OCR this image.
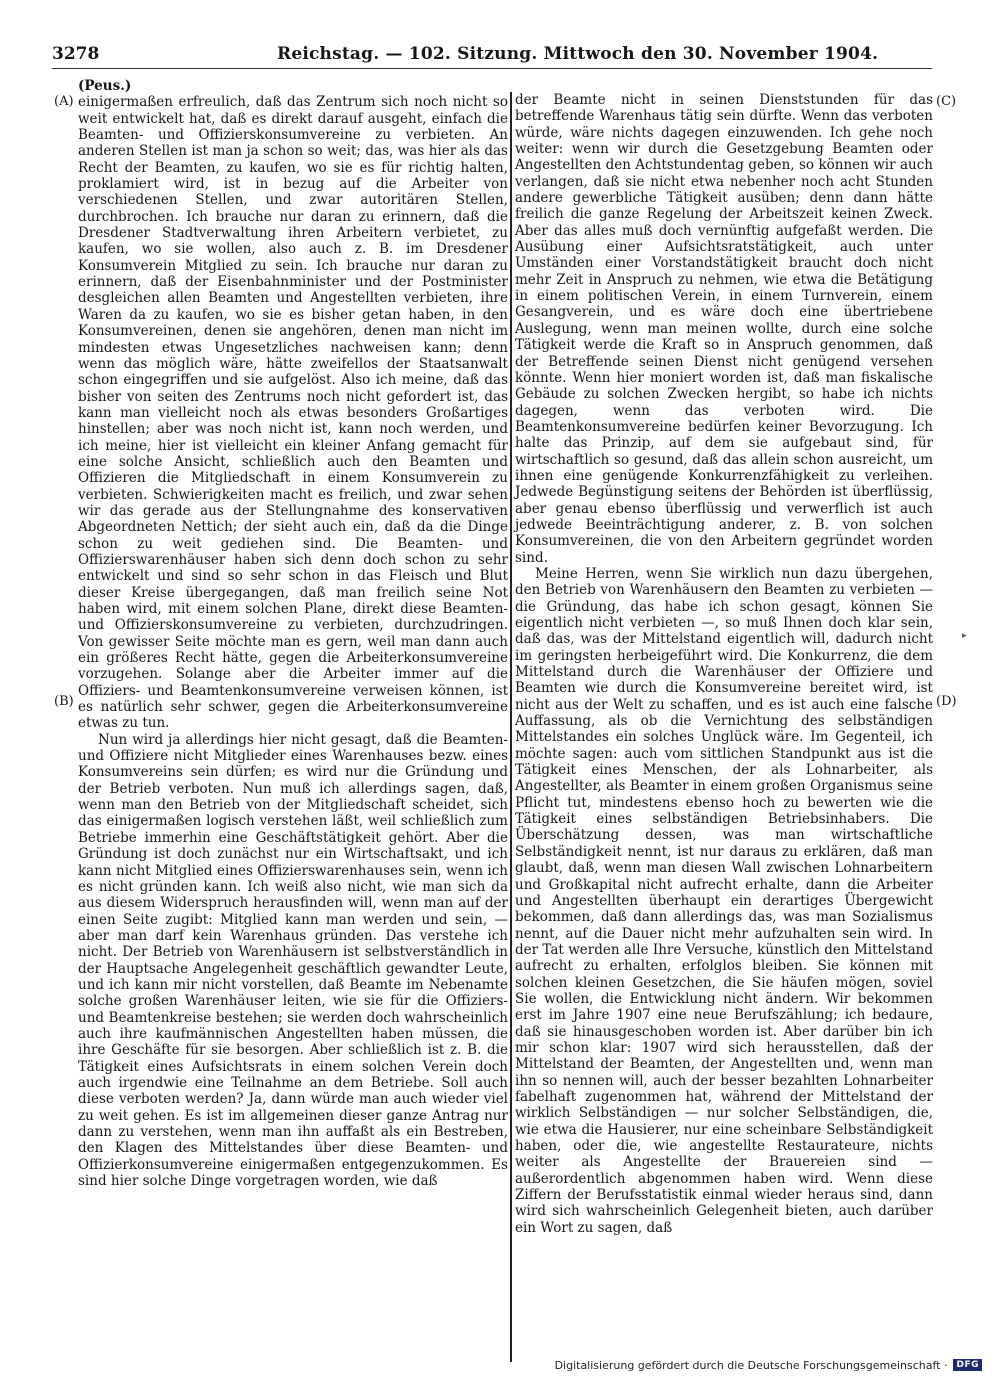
3278	Reichstag. — 102. Sitzung. Mittwoch den 30. November 1904.
(A)
(B)
(C)
(D)

(Peus.)

einigermaßen erfreulich, daß das Zentrum sich noch nicht so weit entwickelt hat, daß es direkt darauf ausgeht, einfach die Beamten- und Offizierskonsumvereine zu verbieten. An anderen Stellen ist man ja schon so weit; das, was hier als das Recht der Beamten, zu kaufen, wo sie es für richtig halten, proklamiert wird, ist in bezug auf die Arbeiter von verschiedenen Stellen, und zwar autoritären Stellen, durchbrochen. Ich brauche nur daran zu erinnern, daß die Dresdener Stadtverwaltung ihren Arbeitern verbietet, zu kaufen, wo sie wollen, also auch z. B. im Dresdener Konsumverein Mitglied zu sein. Ich brauche nur daran zu erinnern, daß der Eisenbahnminister und der Postminister desgleichen allen Beamten und Angestellten verbieten, ihre Waren da zu kaufen, wo sie es bisher getan haben, in den Konsumvereinen, denen sie angehören, denen man nicht im mindesten etwas Ungesetzliches nachweisen kann; denn wenn das möglich wäre, hätte zweifellos der Staatsanwalt schon eingegriffen und sie aufgelöst. Also ich meine, daß das bisher von seiten des Zentrums noch nicht gefordert ist, das kann man vielleicht noch als etwas besonders Großartiges hinstellen; aber was noch nicht ist, kann noch werden, und ich meine, hier ist vielleicht ein kleiner Anfang gemacht für eine solche Ansicht, schließlich auch den Beamten und Offizieren die Mitgliedschaft in einem Konsumverein zu verbieten. Schwierigkeiten macht es freilich, und zwar sehen wir das gerade aus der Stellungnahme des konservativen Abgeordneten Nettich; der sieht auch ein, daß da die Dinge schon zu weit gediehen sind. Die Beamten- und Offizierswarenhäuser haben sich denn doch schon zu sehr entwickelt und sind so sehr schon in das Fleisch und Blut dieser Kreise übergegangen, daß man freilich seine Not haben wird, mit einem solchen Plane, direkt diese Beamten- und Offizierskonsumvereine zu verbieten, durchzudringen. Von gewisser Seite möchte man es gern, weil man dann auch ein größeres Recht hätte, gegen die Arbeiterkonsumvereine vorzugehen. Solange aber die Arbeiter immer auf die Offiziers- und Beamtenkonsumvereine verweisen können, ist es natürlich sehr schwer, gegen die Arbeiterkonsumvereine etwas zu tun.

Nun wird ja allerdings hier nicht gesagt, daß die Beamten- und Offiziere nicht Mitglieder eines Warenhauses bezw. eines Konsumvereins sein dürfen; es wird nur die Gründung und der Betrieb verboten. Nun muß ich allerdings sagen, daß, wenn man den Betrieb von der Mitgliedschaft scheidet, sich das einigermaßen logisch verstehen läßt, weil schließlich zum Betriebe immerhin eine Geschäftstätigkeit gehört. Aber die Gründung ist doch zunächst nur ein Wirtschaftsakt, und ich kann nicht Mitglied eines Offizierswarenhauses sein, wenn ich es nicht gründen kann. Ich weiß also nicht, wie man sich da aus diesem Widerspruch herausfinden will, wenn man auf der einen Seite zugibt: Mitglied kann man werden und sein, — aber man darf kein Warenhaus gründen. Das verstehe ich nicht. Der Betrieb von Warenhäusern ist selbstverständlich in der Hauptsache Angelegenheit geschäftlich gewandter Leute, und ich kann mir nicht vorstellen, daß Beamte im Nebenamte solche großen Warenhäuser leiten, wie sie für die Offiziers- und Beamtenkreise bestehen; sie werden doch wahrscheinlich auch ihre kaufmännischen Angestellten haben müssen, die ihre Geschäfte für sie besorgen. Aber schließlich ist z. B. die Tätigkeit eines Aufsichtsrats in einem solchen Verein doch auch irgendwie eine Teilnahme an dem Betriebe. Soll auch diese verboten werden? Ja, dann würde man auch wieder viel zu weit gehen. Es ist im allgemeinen dieser ganze Antrag nur dann zu verstehen, wenn man ihn auffaßt als ein Bestreben, den Klagen des Mittelstandes über diese Beamten- und Offizierkonsumvereine einigermaßen entgegenzukommen. Es sind hier solche Dinge vorgetragen worden, wie daß

der Beamte nicht in seinen Dienststunden für das betreffende Warenhaus tätig sein dürfte. Wenn das verboten würde, wäre nichts dagegen einzuwenden. Ich gehe noch weiter: wenn wir durch die Gesetzgebung Beamten oder Angestellten den Achtstundentag geben, so können wir auch verlangen, daß sie nicht etwa nebenher noch acht Stunden andere gewerbliche Tätigkeit ausüben; denn dann hätte freilich die ganze Regelung der Arbeitszeit keinen Zweck. Aber das alles muß doch vernünftig aufgefaßt werden. Die Ausübung einer Aufsichtsratstätigkeit, auch unter Umständen einer Vorstandstätigkeit braucht doch nicht mehr Zeit in Anspruch zu nehmen, wie etwa die Betätigung in einem politischen Verein, in einem Turnverein, einem Gesangverein, und es wäre doch eine übertriebene Auslegung, wenn man meinen wollte, durch eine solche Tätigkeit werde die Kraft so in Anspruch genommen, daß der Betreffende seinen Dienst nicht genügend versehen könnte. Wenn hier moniert worden ist, daß man fiskalische Gebäude zu solchen Zwecken hergibt, so habe ich nichts dagegen, wenn das verboten wird. Die Beamtenkonsumvereine bedürfen keiner Bevorzugung. Ich halte das Prinzip, auf dem sie aufgebaut sind, für wirtschaftlich so gesund, daß das allein schon ausreicht, um ihnen eine genügende Konkurrenzfähigkeit zu verleihen. Jedwede Begünstigung seitens der Behörden ist überflüssig, aber genau ebenso überflüssig und verwerflich ist auch jedwede Beeinträchtigung anderer, z. B. von solchen Konsumvereinen, die von den Arbeitern gegründet worden sind.

Meine Herren, wenn Sie wirklich nun dazu übergehen, den Betrieb von Warenhäusern den Beamten zu verbieten — die Gründung, das habe ich schon gesagt, können Sie eigentlich nicht verbieten —, so muß Ihnen doch klar sein, daß das, was der Mittelstand eigentlich will, dadurch nicht im geringsten herbeigeführt wird. Die Konkurrenz, die dem Mittelstand durch die Warenhäuser der Offiziere und Beamten wie durch die Konsumvereine bereitet wird, ist nicht aus der Welt zu schaffen, und es ist auch eine falsche Auffassung, als ob die Vernichtung des selbständigen Mittelstandes ein solches Unglück wäre. Im Gegenteil, ich möchte sagen: auch vom sittlichen Standpunkt aus ist die Tätigkeit eines Menschen, der als Lohnarbeiter, als Angestellter, als Beamter in einem großen Organismus seine Pflicht tut, mindestens ebenso hoch zu bewerten wie die Tätigkeit eines selbständigen Betriebsinhabers. Die Überschätzung dessen, was man wirtschaftliche Selbständigkeit nennt, ist nur daraus zu erklären, daß man glaubt, daß, wenn man diesen Wall zwischen Lohnarbeitern und Großkapital nicht aufrecht erhalte, dann die Arbeiter und Angestellten überhaupt ein derartiges Übergewicht bekommen, daß dann allerdings das, was man Sozialismus nennt, auf die Dauer nicht mehr aufzuhalten sein wird. In der Tat werden alle Ihre Versuche, künstlich den Mittelstand aufrecht zu erhalten, erfolglos bleiben. Sie können mit solchen kleinen Gesetzchen, die Sie häufen mögen, soviel Sie wollen, die Entwicklung nicht ändern. Wir bekommen erst im Jahre 1907 eine neue Berufszählung; ich bedaure, daß sie hinausgeschoben worden ist. Aber darüber bin ich mir schon klar: 1907 wird sich herausstellen, daß der Mittelstand der Beamten, der Angestellten und, wenn man ihn so nennen will, auch der besser bezahlten Lohnarbeiter fabelhaft zugenommen hat, während der Mittelstand der wirklich Selbständigen — nur solcher Selbständigen, die, wie etwa die Hausierer, nur eine scheinbare Selbständigkeit haben, oder die, wie angestellte Restaurateure, nichts weiter als Angestellte der Brauereien sind — außerordentlich abgenommen haben wird. Wenn diese Ziffern der Berufsstatistik einmal wieder heraus sind, dann wird sich wahrscheinlich Gelegenheit bieten, auch darüber ein Wort zu sagen, daß

▸
Digitalisierung gefördert durch die Deutsche Forschungsgemeinschaft ·	DFG
